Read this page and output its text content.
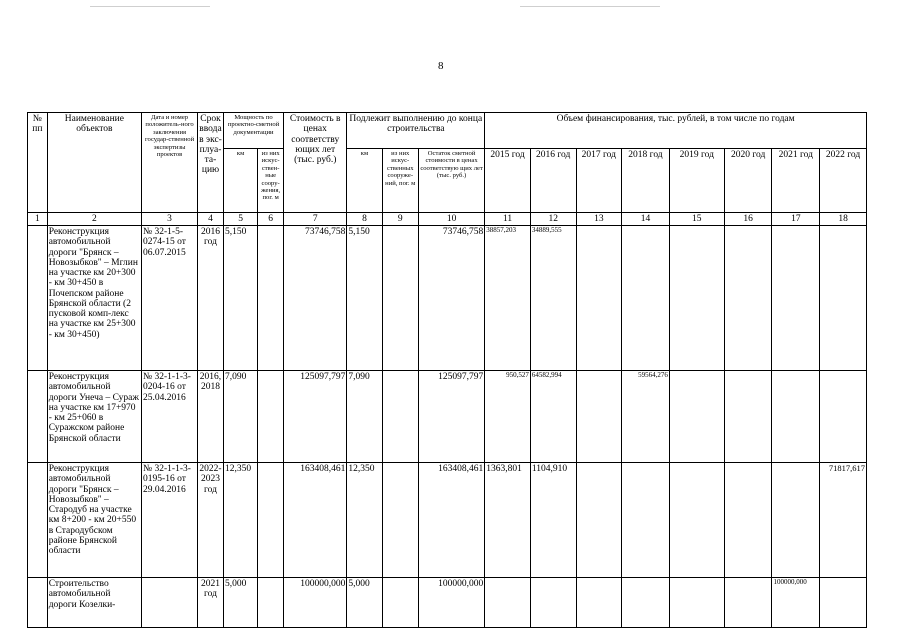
8
№ пп	Наименование объектов	Дата и номер положитель-ного заключения государ-ственной экспертизы проектов	Срок ввода в экс-плуа-та-цию	Мощность по проектно-сметной документации		Стоимость в ценах соответству ющих лет (тыс. руб.)	Подлежит выполнению до конца строительства			Объем финансирования, тыс. рублей, в том числе по годам							
				км	из них искус-ствен-ные соору-жения, пог. м		км	из них искус-ственных сооруже-ний, пог. м	Остаток сметной стоимости в ценах соответствую щих лет (тыс. руб.)	2015 год	2016 год	2017 год	2018 год	2019 год	2020 год	2021 год	2022 год
1	2	3	4	5	6	7	8	9	10	11	12	13	14	15	16	17	18
	Реконструкция автомобильной дороги "Брянск – Новозыбков" – Мглин на участке км 20+300 - км 30+450 в Почепском районе Брянской области (2 пусковой комп-лекс на участке км 25+300 - км 30+450)	№ 32-1-5-0274-15 от 06.07.2015	2016 год	5,150		73746,758	5,150		73746,758	38857,203	34889,555						
	Реконструкция автомобильной дороги Унеча – Сураж на участке км 17+970 - км 25+060 в Суражском районе Брянской области	№ 32-1-1-3-0204-16 от 25.04.2016	2016, 2018	7,090		125097,797	7,090		125097,797	950,527	64582,994		59564,276				
	Реконструкция автомобильной дороги "Брянск – Новозыбков" – Стародуб на участке км 8+200 - км 20+550 в Стародубском районе Брянской области	№ 32-1-1-3-0195-16 от 29.04.2016	2022-2023 год	12,350		163408,461	12,350		163408,461	1363,801	1104,910						71817,617
	Строительство автомобильной дороги Козелки-		2021 год	5,000		100000,000	5,000		100000,000							100000,000	
